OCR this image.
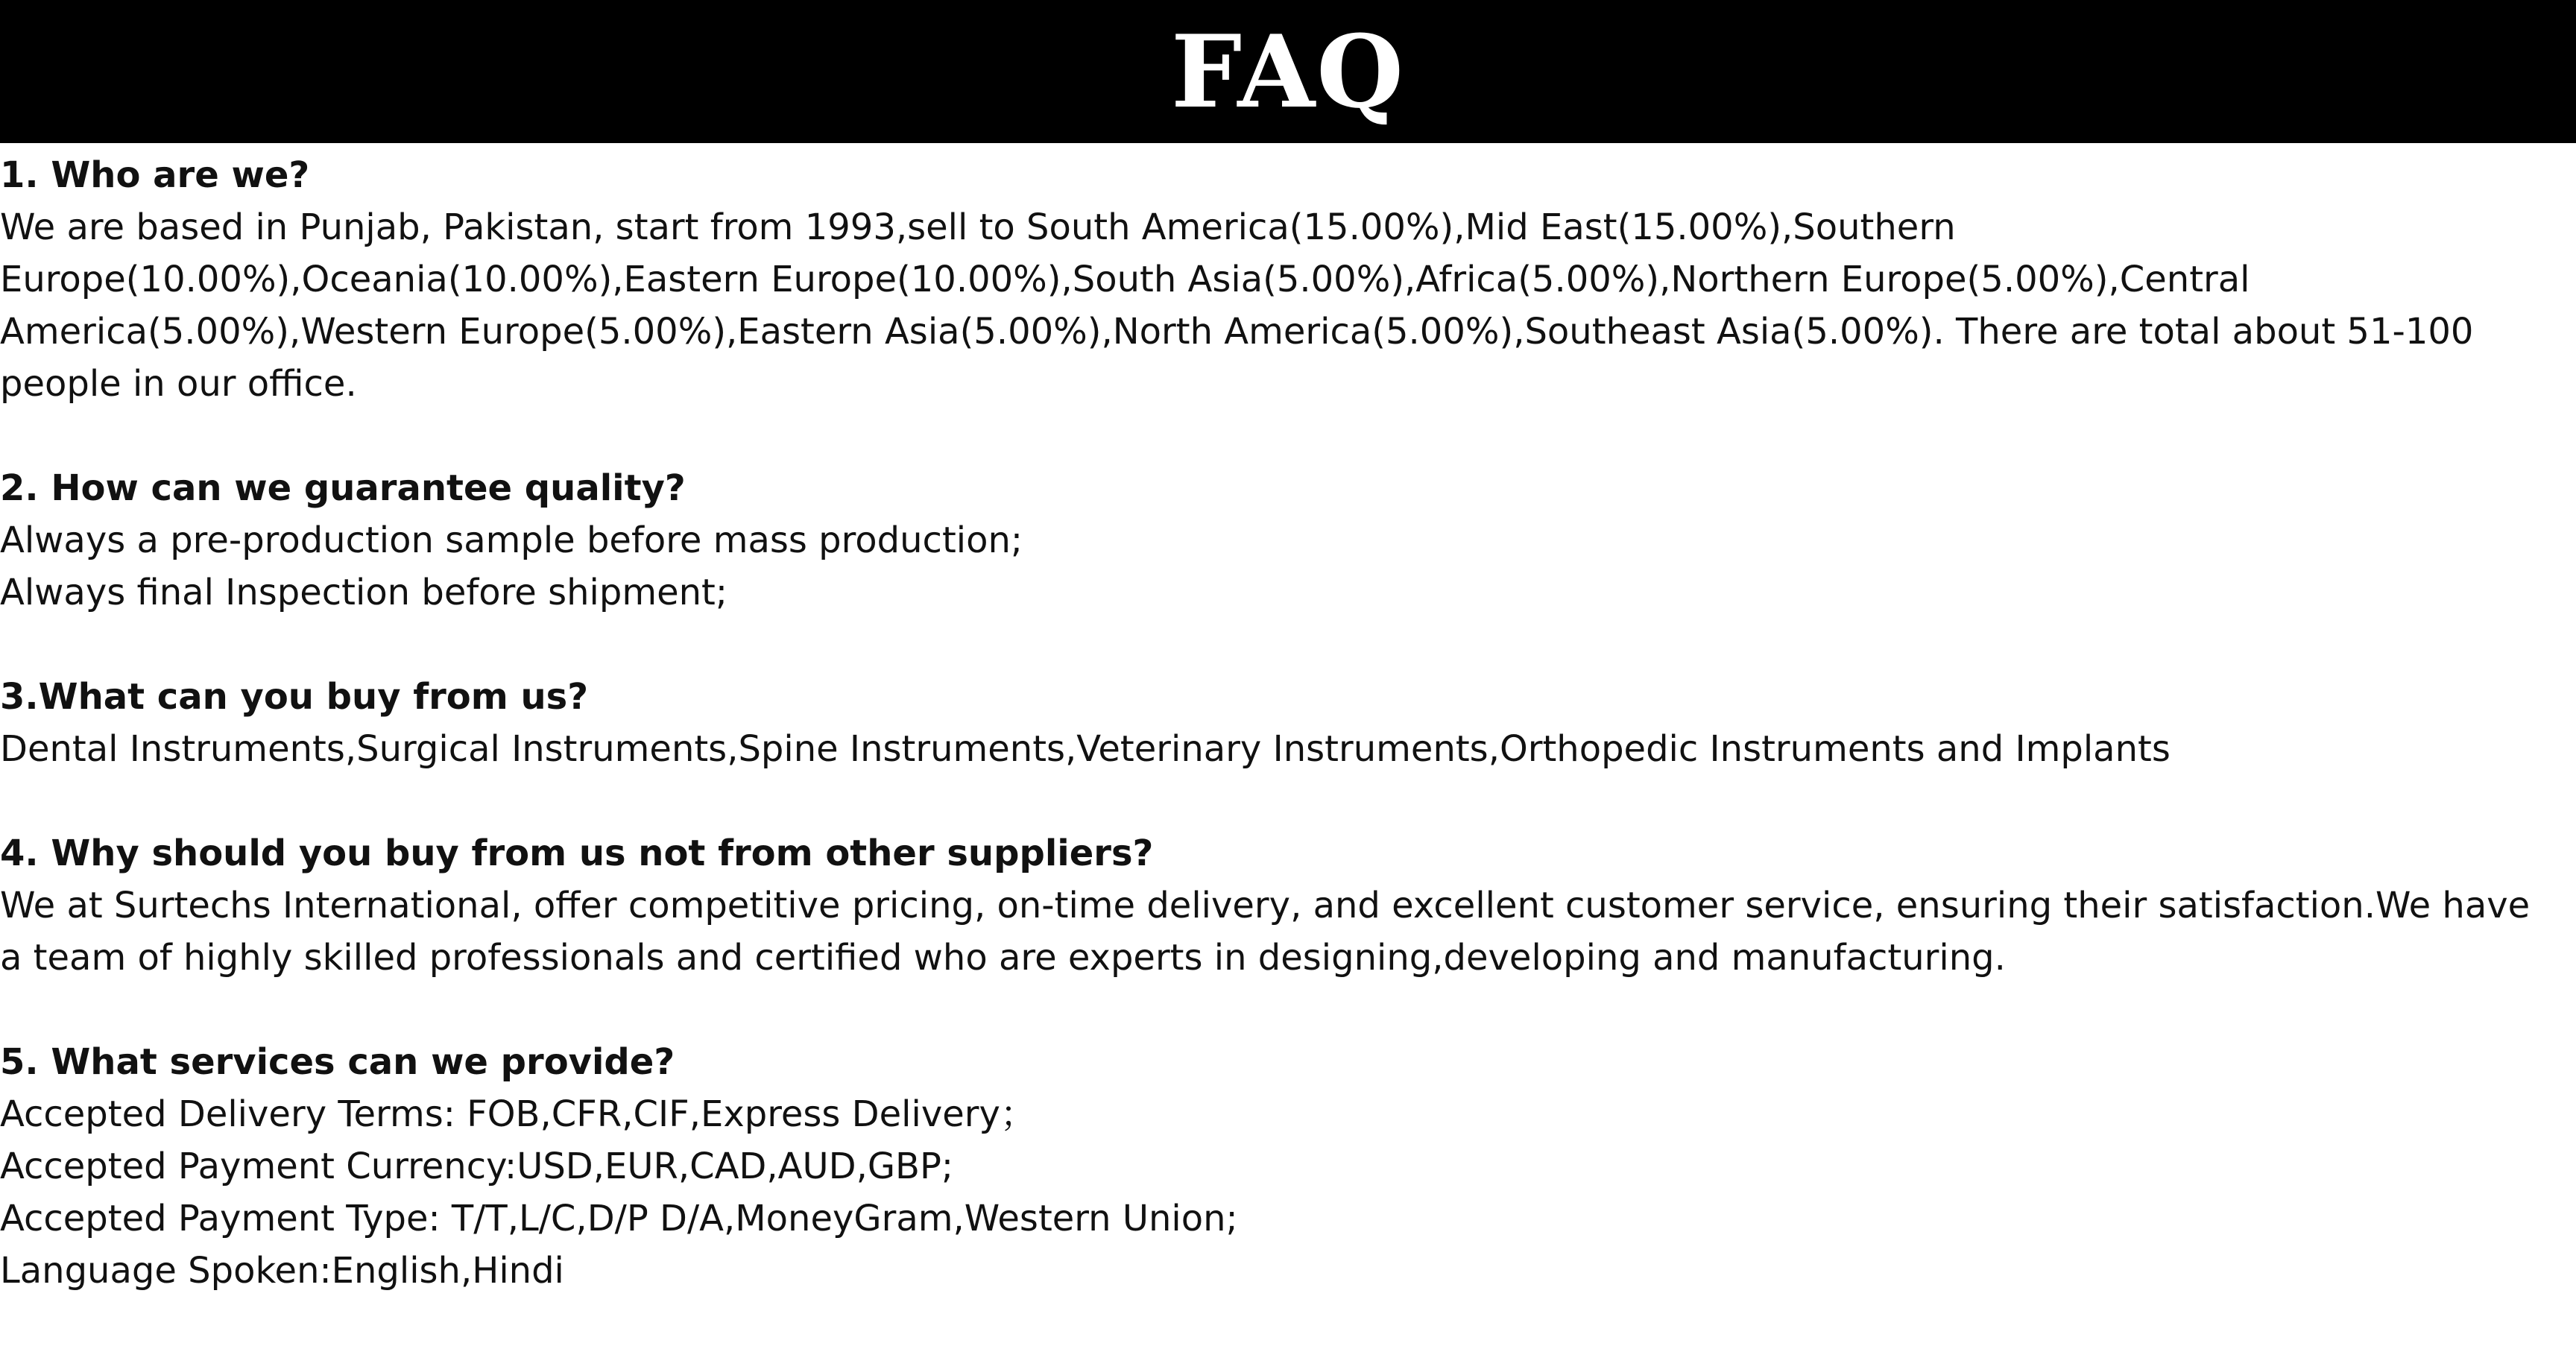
FAQ

1. Who are we?

We are based in Punjab, Pakistan, start from 1993,sell to South America(15.00%),Mid East(15.00%),Southern

Europe(10.00%),Oceania(10.00%),Eastern Europe(10.00%),South Asia(5.00%),Africa(5.00%),Northern Europe(5.00%),Central

America(5.00%),Western Europe(5.00%),Eastern Asia(5.00%),North America(5.00%),Southeast Asia(5.00%). There are total about 51-100

people in our office.

2. How can we guarantee quality?

Always a pre-production sample before mass production;

Always final Inspection before shipment;

3.What can you buy from us?

Dental Instruments,Surgical Instruments,Spine Instruments,Veterinary Instruments,Orthopedic Instruments and Implants

4. Why should you buy from us not from other suppliers?

We at Surtechs International, offer competitive pricing, on-time delivery, and excellent customer service, ensuring their satisfaction.We have

a team of highly skilled professionals and certified who are experts in designing,developing and manufacturing.

5. What services can we provide?

Accepted Delivery Terms: FOB,CFR,CIF,Express Delivery；

Accepted Payment Currency:USD,EUR,CAD,AUD,GBP;

Accepted Payment Type: T/T,L/C,D/P D/A,MoneyGram,Western Union;

Language Spoken:English,Hindi
